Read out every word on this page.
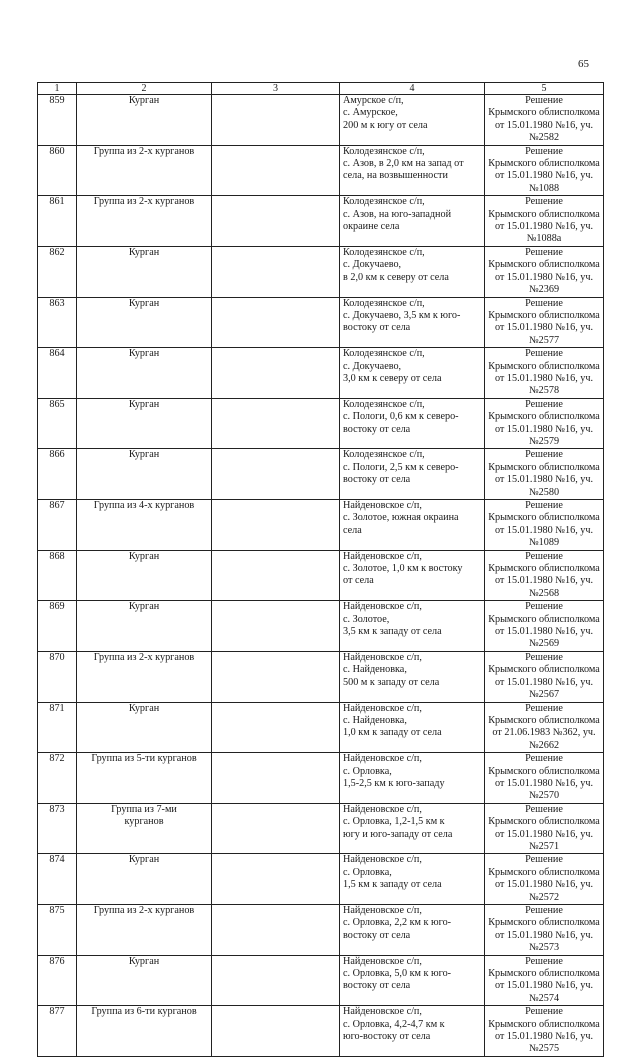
65
1	2	3	4	5
859	Курган		Амурское с/п,
с. Амурское,
200 м к югу от села	Решение
Крымского облисполкома
от 15.01.1980 №16, уч.№2582
860	Группа из 2-х курганов		Колодезянское с/п,
с. Азов, в 2,0 км на запад от
села, на возвышенности	Решение
Крымского облисполкома
от 15.01.1980 №16, уч.№1088
861	Группа из 2-х курганов		Колодезянское с/п,
с. Азов, на юго-западной
окраине села	Решение
Крымского облисполкома
от 15.01.1980 №16, уч.№1088а
862	Курган		Колодезянское с/п,
с. Докучаево,
в 2,0 км к северу от села	Решение
Крымского облисполкома
от 15.01.1980 №16, уч.№2369
863	Курган		Колодезянское с/п,
с. Докучаево, 3,5 км к юго-
востоку от села	Решение
Крымского облисполкома
от 15.01.1980 №16, уч.№2577
864	Курган		Колодезянское с/п,
с. Докучаево,
3,0 км к северу от села	Решение
Крымского облисполкома
от 15.01.1980 №16, уч.№2578
865	Курган		Колодезянское с/п,
с. Пологи, 0,6 км к северо-
востоку от села	Решение
Крымского облисполкома
от 15.01.1980 №16, уч.№2579
866	Курган		Колодезянское с/п,
с. Пологи, 2,5 км к северо-
востоку от села	Решение
Крымского облисполкома
от 15.01.1980 №16, уч.№2580
867	Группа из 4-х курганов		Найденовское с/п,
с. Золотое, южная окраина
села	Решение
Крымского облисполкома
от 15.01.1980 №16, уч.№1089
868	Курган		Найденовское с/п,
с. Золотое, 1,0 км к востоку
от села	Решение
Крымского облисполкома
от 15.01.1980 №16, уч.№2568
869	Курган		Найденовское с/п,
с. Золотое,
3,5 км к западу от села	Решение
Крымского облисполкома
от 15.01.1980 №16, уч.№2569
870	Группа из 2-х курганов		Найденовское с/п,
с. Найденовка,
500 м к западу от села	Решение
Крымского облисполкома
от 15.01.1980 №16, уч.№2567
871	Курган		Найденовское с/п,
с. Найденовка,
1,0 км к западу от села	Решение
Крымского облисполкома
от 21.06.1983 №362, уч.№2662
872	Группа из 5-ти курганов		Найденовское с/п,
с. Орловка,
1,5-2,5 км к юго-западу	Решение
Крымского облисполкома
от 15.01.1980 №16, уч.№2570
873	Группа из 7-ми
курганов		Найденовское с/п,
с. Орловка, 1,2-1,5 км к
югу и юго-западу от села	Решение
Крымского облисполкома
от 15.01.1980 №16, уч.№2571
874	Курган		Найденовское с/п,
с. Орловка,
1,5 км к западу от села	Решение
Крымского облисполкома
от 15.01.1980 №16, уч.№2572
875	Группа из 2-х курганов		Найденовское с/п,
с. Орловка, 2,2 км к юго-
востоку от села	Решение
Крымского облисполкома
от 15.01.1980 №16, уч.№2573
876	Курган		Найденовское с/п,
с. Орловка, 5,0 км к юго-
востоку от села	Решение
Крымского облисполкома
от 15.01.1980 №16, уч.№2574
877	Группа из 6-ти курганов		Найденовское с/п,
с. Орловка, 4,2-4,7 км к
юго-востоку от села	Решение
Крымского облисполкома
от 15.01.1980 №16, уч.№2575
